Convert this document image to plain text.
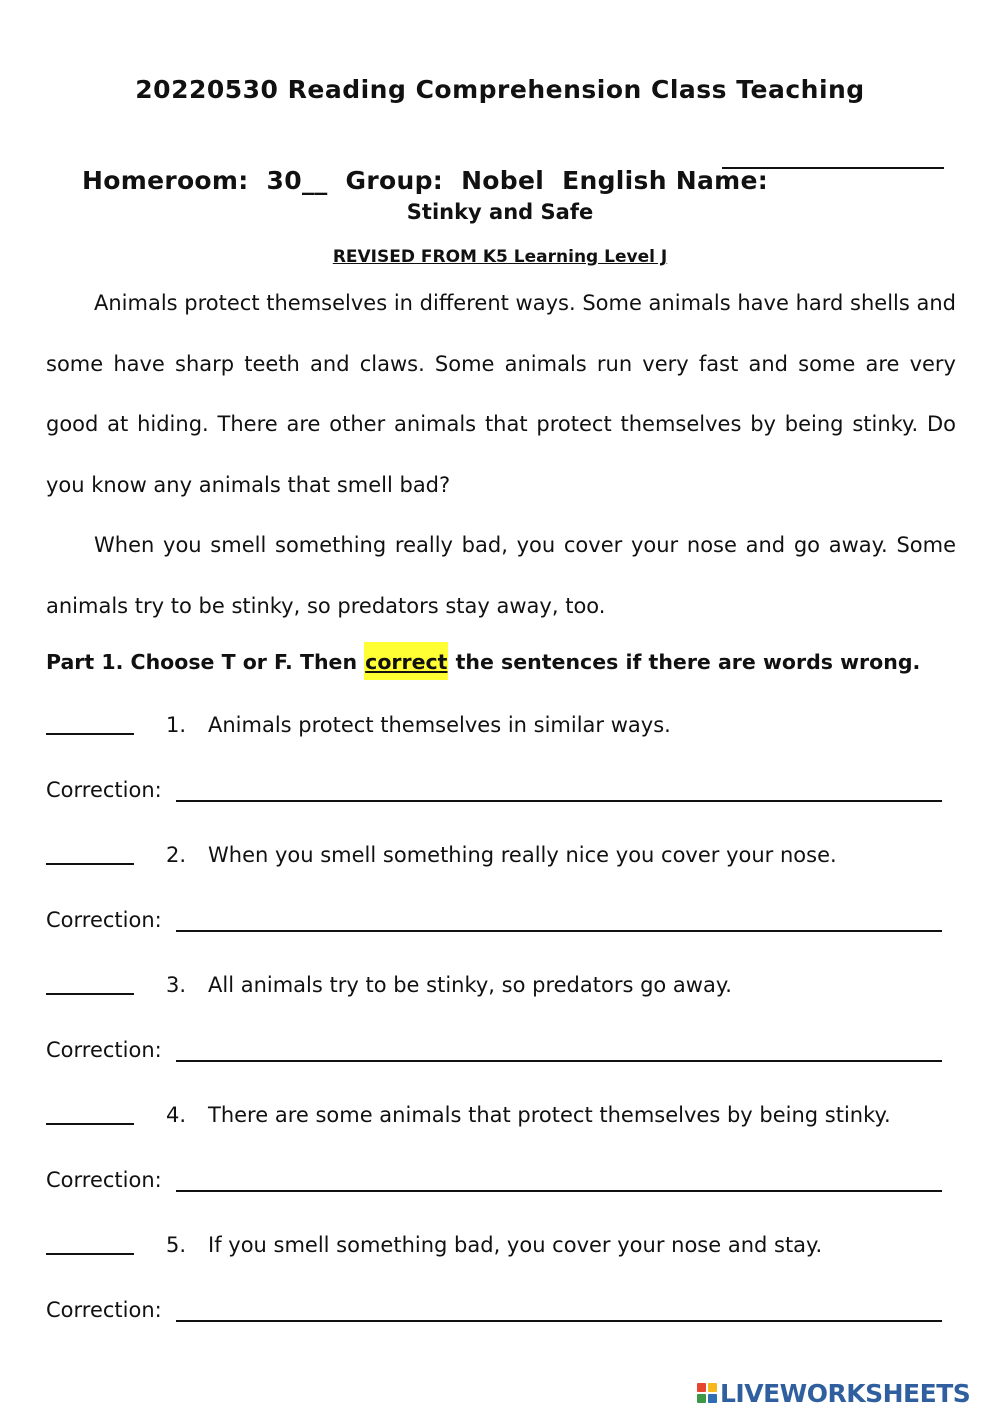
20220530 Reading Comprehension Class Teaching

Homeroom:  30__  Group:  Nobel  English Name:

Stinky and Safe
REVISED FROM K5 Learning Level J
Animals protect themselves in different ways. Some animals have hard shells and some have sharp teeth and claws. Some animals run very fast and some are very good at hiding. There are other animals that protect themselves by being stinky. Do you know any animals that smell bad?
When you smell something really bad, you cover your nose and go away. Some animals try to be stinky, so predators stay away, too.
Part 1. Choose T or F. Then correct the sentences if there are words wrong.
1. Animals protect themselves in similar ways.
Correction:
2. When you smell something really nice you cover your nose.
Correction:
3. All animals try to be stinky, so predators go away.
Correction:
4. There are some animals that protect themselves by being stinky.
Correction:
5. If you smell something bad, you cover your nose and stay.
Correction:
LIVEWORKSHEETS
